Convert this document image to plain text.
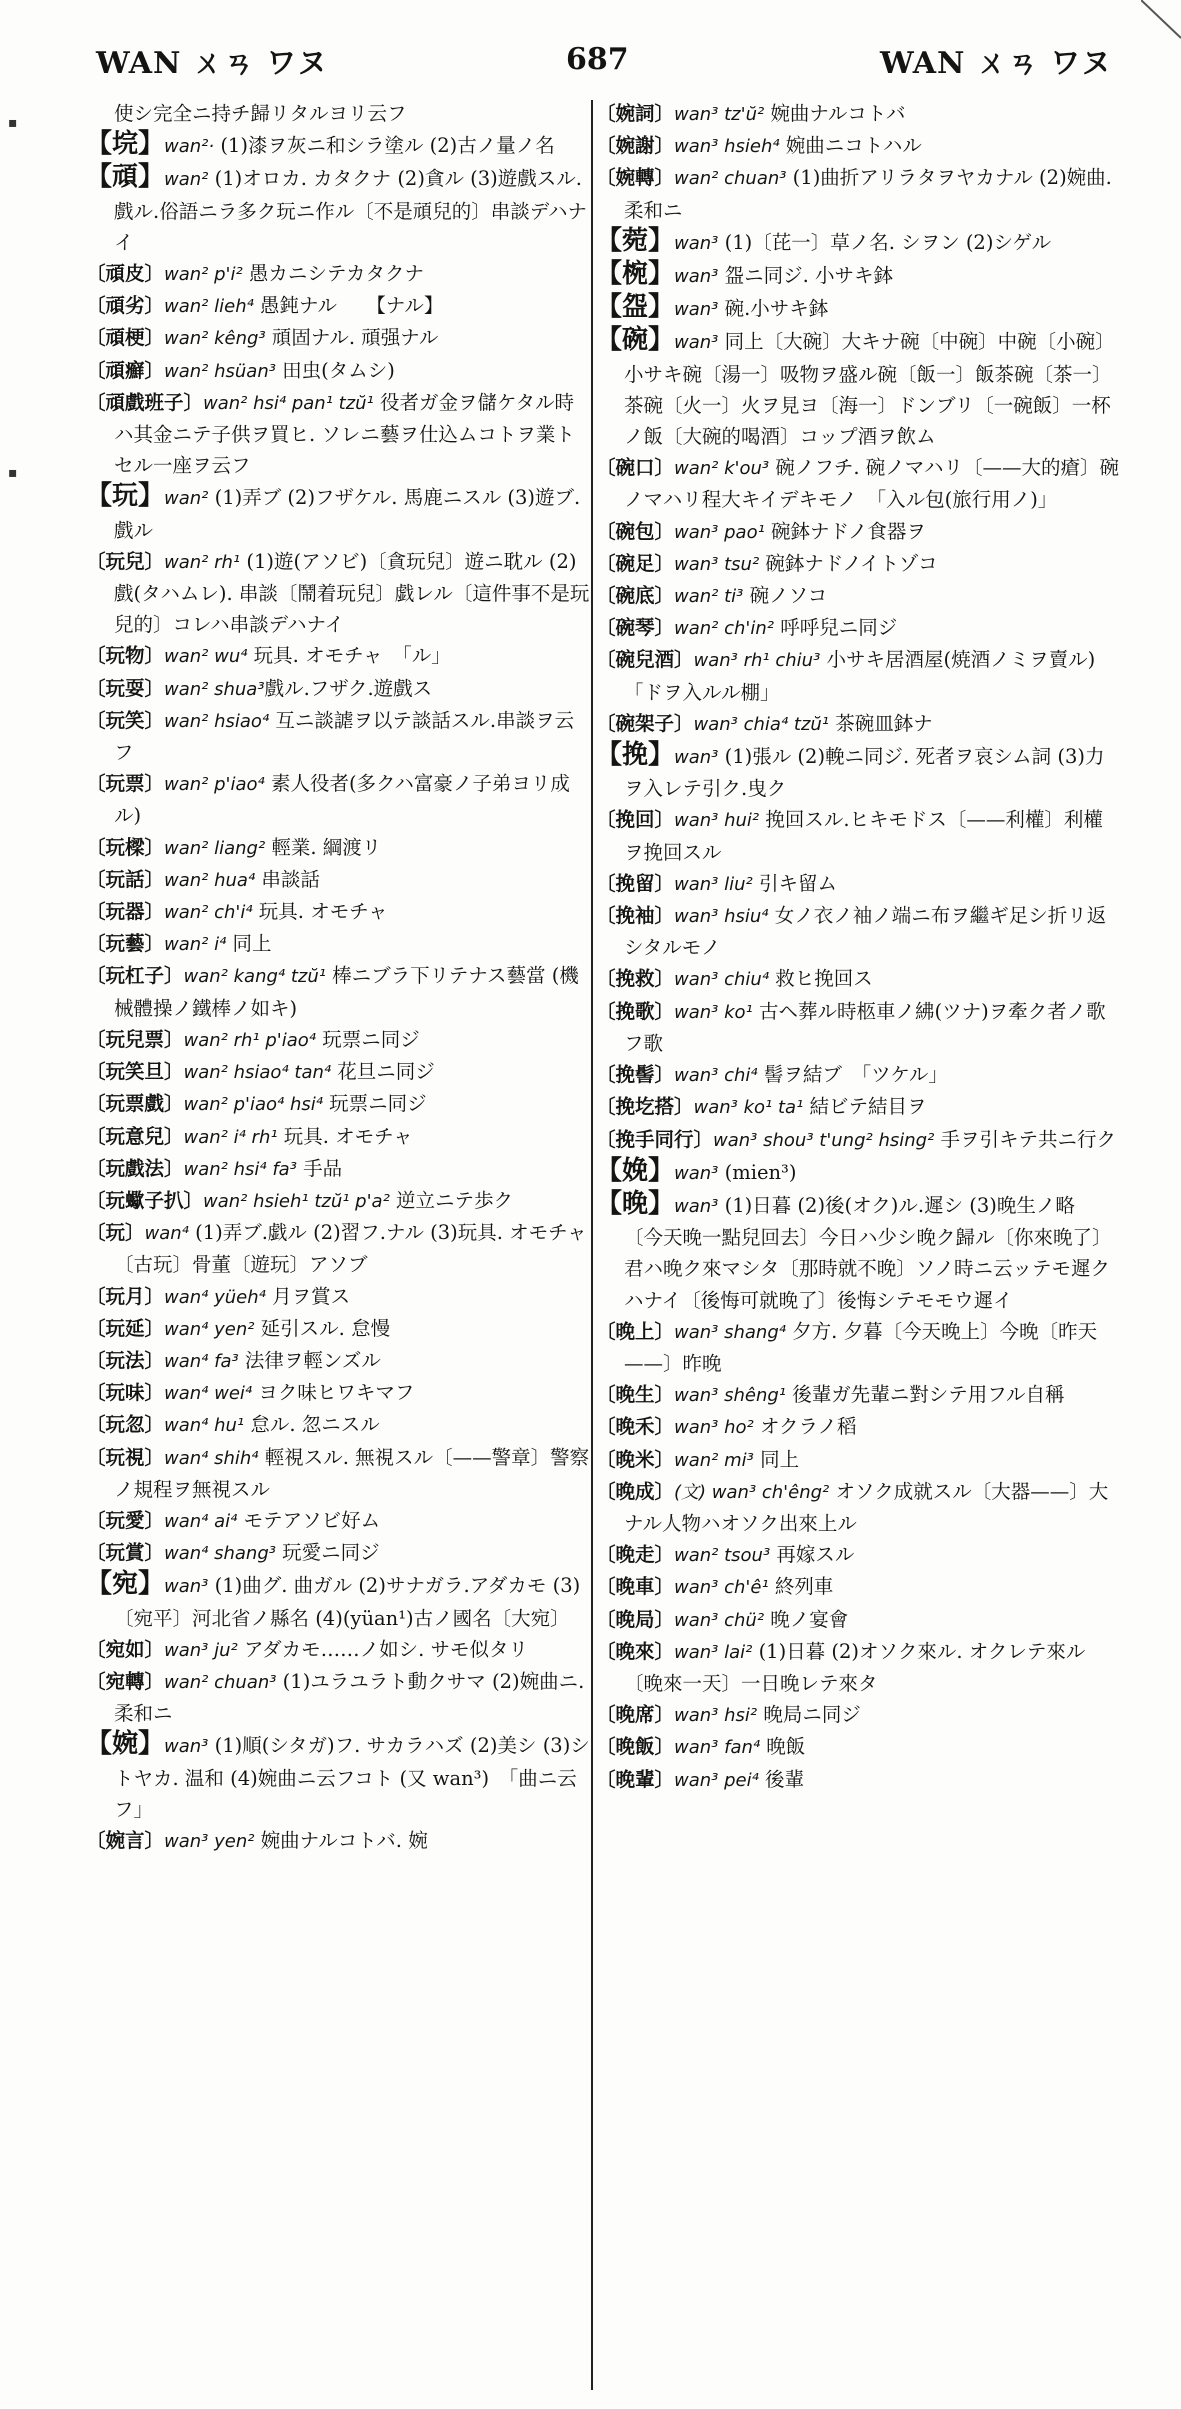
WAN ㄨㄢ ワヌ	687	WAN ㄨㄢ ワヌ
▪
▪

使シ完全ニ持チ歸リタルヨリ云フ

【垸】wan²· (1)漆ヲ灰ニ和シラ塗ル (2)古ノ量ノ名

【頑】wan² (1)オロカ. カタクナ (2)貪ル (3)遊戲スル.戲ル.俗語ニラ多ク玩ニ作ル〔不是頑兒的〕串談デハナイ

〔頑皮〕wan² p'i² 愚カニシテカタクナ

〔頑劣〕wan² lieh⁴ 愚鈍ナル　　【ナル】

〔頑梗〕wan² kêng³ 頑固ナル. 頑强ナル

〔頑癬〕wan² hsüan³ 田虫(タムシ)

〔頑戲班子〕wan² hsi⁴ pan¹ tzŭ¹ 役者ガ金ヲ儲ケタル時ハ其金ニテ子供ヲ買ヒ. ソレニ藝ヲ仕込ムコトヲ業トセル一座ヲ云フ

【玩】wan² (1)弄ブ (2)フザケル. 馬鹿ニスル (3)遊ブ.戲ル

〔玩兒〕wan² rh¹ (1)遊(アソビ)〔貪玩兒〕遊ニ耽ル (2)戲(タハムレ). 串談〔鬧着玩兒〕戯レル〔這件事不是玩兒的〕コレハ串談デハナイ

〔玩物〕wan² wu⁴ 玩具. オモチャ　「ル」

〔玩耍〕wan² shua³戲ル.フザク.遊戲ス

〔玩笑〕wan² hsiao⁴ 互ニ談謔ヲ以テ談話スル.串談ヲ云フ

〔玩票〕wan² p'iao⁴ 素人役者(多クハ富豪ノ子弟ヨリ成ル)

〔玩樑〕wan² liang² 輕業. 綱渡リ

〔玩話〕wan² hua⁴ 串談話

〔玩器〕wan² ch'i⁴ 玩具. オモチャ

〔玩藝〕wan² i⁴ 同上

〔玩杠子〕wan² kang⁴ tzŭ¹ 棒ニブラ下リテナス藝當 (機械體操ノ鐵棒ノ如キ)

〔玩兒票〕wan² rh¹ p'iao⁴ 玩票ニ同ジ

〔玩笑旦〕wan² hsiao⁴ tan⁴ 花旦ニ同ジ

〔玩票戲〕wan² p'iao⁴ hsi⁴ 玩票ニ同ジ

〔玩意兒〕wan² i⁴ rh¹ 玩具. オモチャ

〔玩戲法〕wan² hsi⁴ fa³ 手品

〔玩蠍子扒〕wan² hsieh¹ tzŭ¹ p'a² 逆立ニテ歩ク

〔玩〕wan⁴ (1)弄ブ.戯ル (2)習フ.ナル (3)玩具. オモチャ〔古玩〕骨董〔遊玩〕アソブ

〔玩月〕wan⁴ yüeh⁴ 月ヲ賞ス

〔玩延〕wan⁴ yen² 延引スル. 怠慢

〔玩法〕wan⁴ fa³ 法律ヲ輕ンズル

〔玩味〕wan⁴ wei⁴ ヨク味ヒワキマフ

〔玩忽〕wan⁴ hu¹ 怠ル. 忽ニスル

〔玩視〕wan⁴ shih⁴ 輕視スル. 無視スル〔——警章〕警察ノ規程ヲ無視スル

〔玩愛〕wan⁴ ai⁴ モテアソビ好ム

〔玩賞〕wan⁴ shang³ 玩愛ニ同ジ

【宛】wan³ (1)曲グ. 曲ガル (2)サナガラ.アダカモ (3)〔宛平〕河北省ノ縣名 (4)(yüan¹)古ノ國名〔大宛〕

〔宛如〕wan³ ju² アダカモ……ノ如シ. サモ似タリ

〔宛轉〕wan² chuan³ (1)ユラユラト動クサマ (2)婉曲ニ.柔和ニ

【婉】wan³ (1)順(シタガ)フ. サカラハズ (2)美シ (3)シトヤカ. 温和 (4)婉曲ニ云フコト (又 wan³)　「曲ニ云フ」

〔婉言〕wan³ yen² 婉曲ナルコトバ. 婉

〔婉詞〕wan³ tz'ŭ² 婉曲ナルコトバ

〔婉謝〕wan³ hsieh⁴ 婉曲ニコトハル

〔婉轉〕wan² chuan³ (1)曲折アリラタヲヤカナル (2)婉曲.柔和ニ

【菀】wan³ (1)〔芘一〕草ノ名. シヲン (2)シゲル

【椀】wan³ 盌ニ同ジ. 小サキ鉢

【盌】wan³ 碗.小サキ鉢

【碗】wan³ 同上〔大碗〕大キナ碗〔中碗〕中碗〔小碗〕小サキ碗〔湯一〕吸物ヲ盛ル碗〔飯一〕飯茶碗〔茶一〕茶碗〔火一〕火ヲ見ヨ〔海一〕ドンブリ〔一碗飯〕一杯ノ飯〔大碗的喝酒〕コップ酒ヲ飲ム

〔碗口〕wan² k'ou³ 碗ノフチ. 碗ノマハリ〔——大的瘡〕碗ノマハリ程大キイデキモノ　「入ル包(旅行用ノ)」

〔碗包〕wan³ pao¹ 碗鉢ナドノ食器ヲ

〔碗足〕wan³ tsu² 碗鉢ナドノイトゾコ

〔碗底〕wan² ti³ 碗ノソコ

〔碗琴〕wan² ch'in² 呼呼兒ニ同ジ

〔碗兒酒〕wan³ rh¹ chiu³ 小サキ居酒屋(焼酒ノミヲ賣ル)　「ドヲ入ルル棚」

〔碗架子〕wan³ chia⁴ tzŭ¹ 茶碗皿鉢ナ

【挽】wan³ (1)張ル (2)輓ニ同ジ. 死者ヲ哀シム詞 (3)力ヲ入レテ引ク.曳ク

〔挽回〕wan³ hui² 挽回スル.ヒキモドス〔——利權〕利權ヲ挽回スル

〔挽留〕wan³ liu² 引キ留ム

〔挽袖〕wan³ hsiu⁴ 女ノ衣ノ袖ノ端ニ布ヲ繼ギ足シ折リ返シタルモノ

〔挽救〕wan³ chiu⁴ 救ヒ挽回ス

〔挽歌〕wan³ ko¹ 古ヘ葬ル時柩車ノ紼(ツナ)ヲ牽ク者ノ歌フ歌

〔挽髻〕wan³ chi⁴ 髻ヲ結ブ　「ツケル」

〔挽圪搭〕wan³ ko¹ ta¹ 結ビテ結目ヲ

〔挽手同行〕wan³ shou³ t'ung² hsing² 手ヲ引キテ共ニ行ク

【娩】wan³ (mien³)

【晚】wan³ (1)日暮 (2)後(オク)ル.遲シ (3)晚生ノ略　〔今天晚一點兒回去〕今日ハ少シ晚ク歸ル〔你來晚了〕君ハ晚ク來マシタ〔那時就不晚〕ソノ時ニ云ッテモ遲クハナイ〔後悔可就晚了〕後悔シテモモウ遲イ

〔晚上〕wan³ shang⁴ 夕方. 夕暮〔今天晚上〕今晚〔昨天——〕昨晚

〔晚生〕wan³ shêng¹ 後輩ガ先輩ニ對シテ用フル自稱

〔晚禾〕wan³ ho² オクラノ稻

〔晚米〕wan² mi³ 同上

〔晚成〕(文) wan³ ch'êng² オソク成就スル〔大器——〕大ナル人物ハオソク出來上ル

〔晚走〕wan² tsou³ 再嫁スル

〔晚車〕wan³ ch'ê¹ 終列車

〔晚局〕wan³ chü² 晚ノ宴會

〔晚來〕wan³ lai² (1)日暮 (2)オソク來ル. オクレテ來ル〔晚來一天〕一日晚レテ來タ

〔晚席〕wan³ hsi² 晚局ニ同ジ

〔晚飯〕wan³ fan⁴ 晚飯

〔晚輩〕wan³ pei⁴ 後輩
